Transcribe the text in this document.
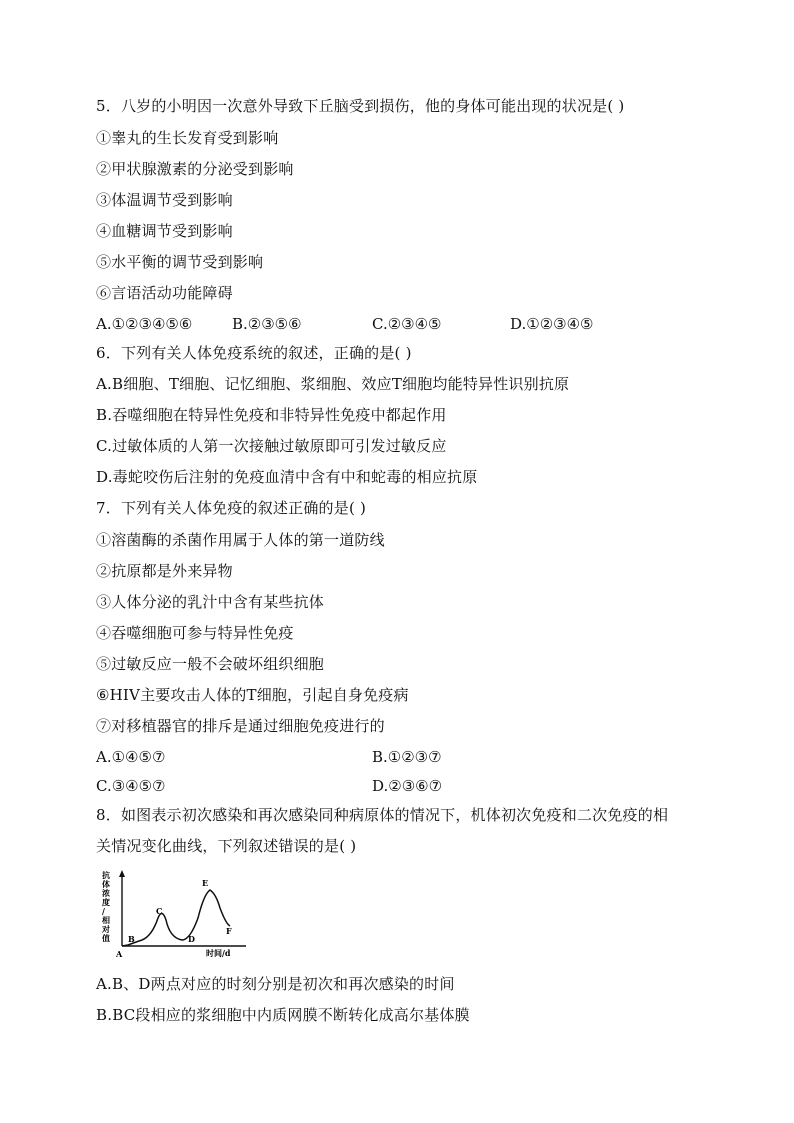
5．八岁的小明因一次意外导致下丘脑受到损伤，他的身体可能出现的状况是( )
①睾丸的生长发育受到影响
②甲状腺激素的分泌受到影响
③体温调节受到影响
④血糖调节受到影响
⑤水平衡的调节受到影响
⑥言语活动功能障碍
A.①②③④⑤⑥	B.②③⑤⑥	C.②③④⑤	D.①②③④⑤
6．下列有关人体免疫系统的叙述，正确的是( )
A.B细胞、T细胞、记忆细胞、浆细胞、效应T细胞均能特异性识别抗原
B.吞噬细胞在特异性免疫和非特异性免疫中都起作用
C.过敏体质的人第一次接触过敏原即可引发过敏反应
D.毒蛇咬伤后注射的免疫血清中含有中和蛇毒的相应抗原
7．下列有关人体免疫的叙述正确的是( )
①溶菌酶的杀菌作用属于人体的第一道防线
②抗原都是外来异物
③人体分泌的乳汁中含有某些抗体
④吞噬细胞可参与特异性免疫
⑤过敏反应一般不会破坏组织细胞
⑥HIV主要攻击人体的T细胞，引起自身免疫病
⑦对移植器官的排斥是通过细胞免疫进行的
A.①④⑤⑦	B.①②③⑦
C.③④⑤⑦	D.②③⑥⑦
8．如图表示初次感染和再次感染同种病原体的情况下，机体初次免疫和二次免疫的相
关情况变化曲线，下列叙述错误的是( )
抗 体 浓 度 / 相 对 值
A
B
C
D
E
F
时间/d
A.B、D两点对应的时刻分别是初次和再次感染的时间
B.BC段相应的浆细胞中内质网膜不断转化成高尔基体膜
